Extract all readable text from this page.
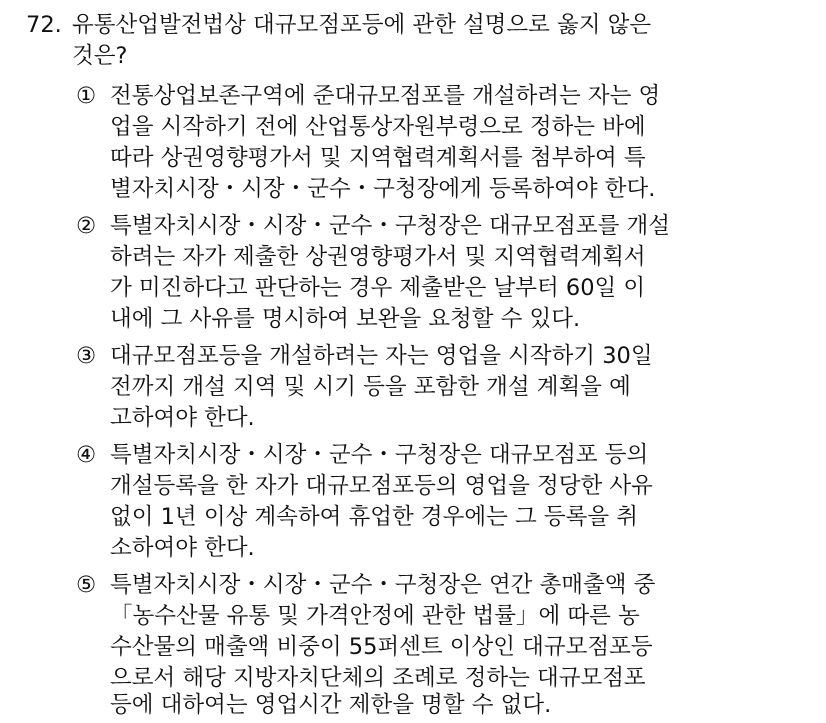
72. 유통산업발전법상 대규모점포등에 관한 설명으로 옳지 않은
것은?
① 전통상업보존구역에 준대규모점포를 개설하려는 자는 영
업을 시작하기 전에 산업통상자원부령으로 정하는 바에
따라 상권영향평가서 및 지역협력계획서를 첨부하여 특
별자치시장・시장・군수・구청장에게 등록하여야 한다.
② 특별자치시장・시장・군수・구청장은 대규모점포를 개설
하려는 자가 제출한 상권영향평가서 및 지역협력계획서
가 미진하다고 판단하는 경우 제출받은 날부터 60일 이
내에 그 사유를 명시하여 보완을 요청할 수 있다.
③ 대규모점포등을 개설하려는 자는 영업을 시작하기 30일
전까지 개설 지역 및 시기 등을 포함한 개설 계획을 예
고하여야 한다.
④ 특별자치시장・시장・군수・구청장은 대규모점포 등의
개설등록을 한 자가 대규모점포등의 영업을 정당한 사유
없이 1년 이상 계속하여 휴업한 경우에는 그 등록을 취
소하여야 한다.
⑤ 특별자치시장・시장・군수・구청장은 연간 총매출액 중
「농수산물 유통 및 가격안정에 관한 법률」에 따른 농
수산물의 매출액 비중이 55퍼센트 이상인 대규모점포등
으로서 해당 지방자치단체의 조례로 정하는 대규모점포
등에 대하여는 영업시간 제한을 명할 수 없다.
